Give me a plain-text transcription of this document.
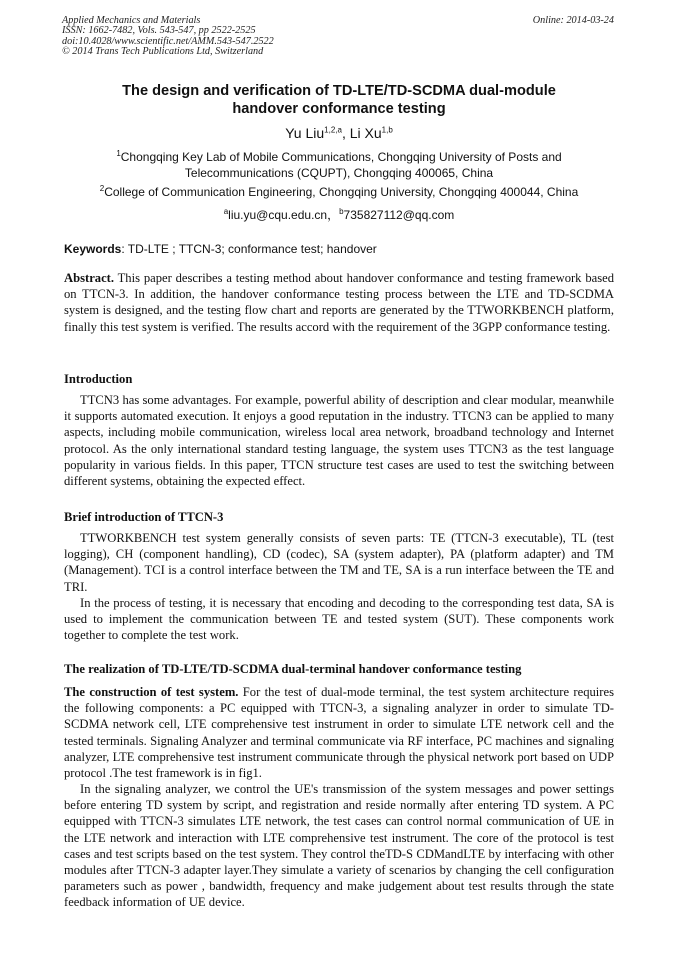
Applied Mechanics and Materials
ISSN: 1662-7482, Vols. 543-547, pp 2522-2525
doi:10.4028/www.scientific.net/AMM.543-547.2522
© 2014 Trans Tech Publications Ltd, Switzerland
Online: 2014-03-24
The design and verification of TD-LTE/TD-SCDMA dual-module
handover conformance testing
Yu Liu$^{1,2,a}$, Li Xu$^{1,b}$
$^1$Chongqing Key Lab of Mobile Communications, Chongqing University of Posts and
Telecommunications (CQUPT), Chongqing 400065, China
$^2$College of Communication Engineering, Chongqing University, Chongqing 400044, China
$^a$liu.yu@cqu.edu.cn，$^b$735827112@qq.com
Keywords: TD-LTE ; TTCN-3; conformance test; handover

Abstract. This paper describes a testing method about handover conformance and testing framework based on TTCN-3. In addition, the handover conformance testing process between the LTE and TD-SCDMA system is designed, and the testing flow chart and reports are generated by the TTWORKBENCH platform, finally this test system is verified. The results accord with the requirement of the 3GPP conformance testing.

Introduction

TTCN3 has some advantages. For example, powerful ability of description and clear modular, meanwhile it supports automated execution. It enjoys a good reputation in the industry. TTCN3 can be applied to many aspects, including mobile communication, wireless local area network, broadband technology and Internet protocol. As the only international standard testing language, the system uses TTCN3 as the test language popularity in various fields. In this paper, TTCN structure test cases are used to test the switching between different systems, obtaining the expected effect.

Brief introduction of TTCN-3

TTWORKBENCH test system generally consists of seven parts: TE (TTCN-3 executable), TL (test logging), CH (component handling), CD (codec), SA (system adapter), PA (platform adapter) and TM (Management). TCI is a control interface between the TM and TE, SA is a run interface between the TE and TRI.

In the process of testing, it is necessary that encoding and decoding to the corresponding test data, SA is used to implement the communication between TE and tested system (SUT). These components work together to complete the test work.

The realization of TD-LTE/TD-SCDMA dual-terminal handover conformance testing

The construction of test system. For the test of dual-mode terminal, the test system architecture requires the following components: a PC equipped with TTCN-3, a signaling analyzer in order to simulate TD-SCDMA network cell, LTE comprehensive test instrument in order to simulate LTE network cell and the tested terminals. Signaling Analyzer and terminal communicate via RF interface, PC machines and signaling analyzer, LTE comprehensive test instrument communicate through the physical network port based on UDP protocol .The test framework is in fig1.

In the signaling analyzer, we control the UE's transmission of the system messages and power settings before entering TD system by script, and registration and reside normally after entering TD system. A PC equipped with TTCN-3 simulates LTE network, the test cases can control normal communication of UE in the LTE network and interaction with LTE comprehensive test instrument. The core of the protocol is test cases and test scripts based on the test system. They control theTD-S CDMandLTE by interfacing with other modules after TTCN-3 adapter layer.They simulate a variety of scenarios by changing the cell configuration parameters such as power , bandwidth, frequency and make judgement about test results through the state feedback information of UE device.
